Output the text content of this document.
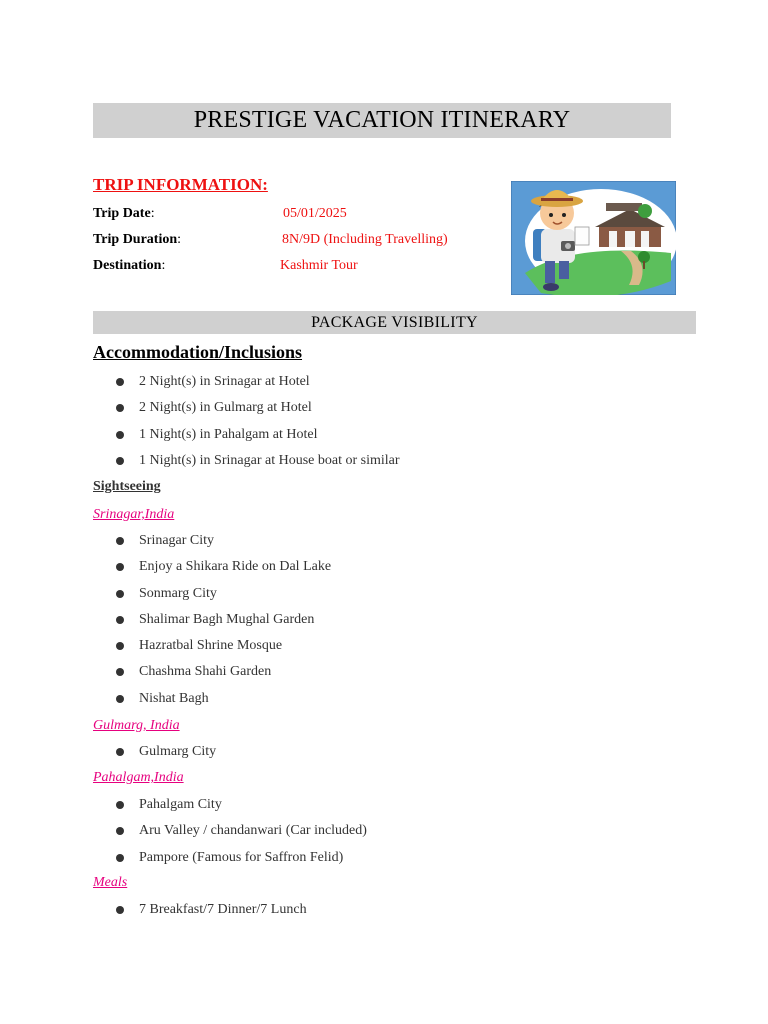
PRESTIGE VACATION ITINERARY
TRIP INFORMATION:
Trip Date:	05/01/2025
Trip Duration:	8N/9D (Including Travelling)
Destination:	Kashmir Tour
PACKAGE VISIBILITY
Accommodation/Inclusions
2 Night(s) in Srinagar at Hotel
2 Night(s) in Gulmarg at Hotel
1 Night(s) in Pahalgam at Hotel
1 Night(s) in Srinagar at House boat or similar
Sightseeing
Srinagar,India
Srinagar City
Enjoy a Shikara Ride on Dal Lake
Sonmarg City
Shalimar Bagh Mughal Garden
Hazratbal Shrine Mosque
Chashma Shahi Garden
Nishat Bagh
Gulmarg, India
Gulmarg City
Pahalgam,India
Pahalgam City
Aru Valley / chandanwari (Car included)
Pampore (Famous for Saffron Felid)
Meals
7 Breakfast/7 Dinner/7 Lunch
